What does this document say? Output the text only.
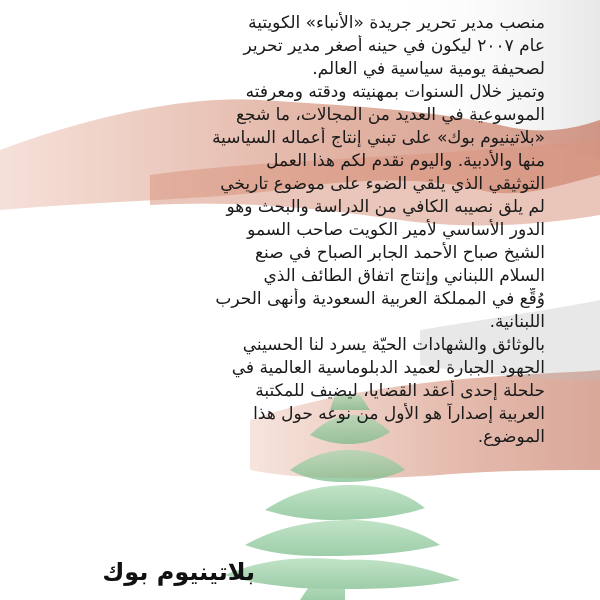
منصب مدير تحرير جريدة «الأنباء» الكويتية
عام ٢٠٠٧ ليكون في حينه أصغر مدير تحرير
لصحيفة يومية سياسية في العالم.
وتميز خلال السنوات بمهنيته ودقته ومعرفته
الموسوعية في العديد من المجالات، ما شجع
«بلاتينيوم بوك» على تبني إنتاج أعماله السياسية
منها والأدبية. واليوم نقدم لكم هذا العمل
التوثيقي الذي يلقي الضوء على موضوع تاريخي
لم يلق نصيبه الكافي من الدراسة والبحث وهو
الدور الأساسي لأمير الكويت صاحب السمو
الشيخ صباح الأحمد الجابر الصباح في صنع
السلام اللبناني وإنتاج اتفاق الطائف الذي
وُقِّع في المملكة العربية السعودية وأنهى الحرب
اللبنانية.
بالوثائق والشهادات الحيّة يسرد لنا الحسيني
الجهود الجبارة لعميد الدبلوماسية العالمية في
حلحلة إحدى أعقد القضايا، ليضيف للمكتبة
العربية إصداراً هو الأول من نوعه حول هذا
الموضوع.
بلاتينيوم بوك
